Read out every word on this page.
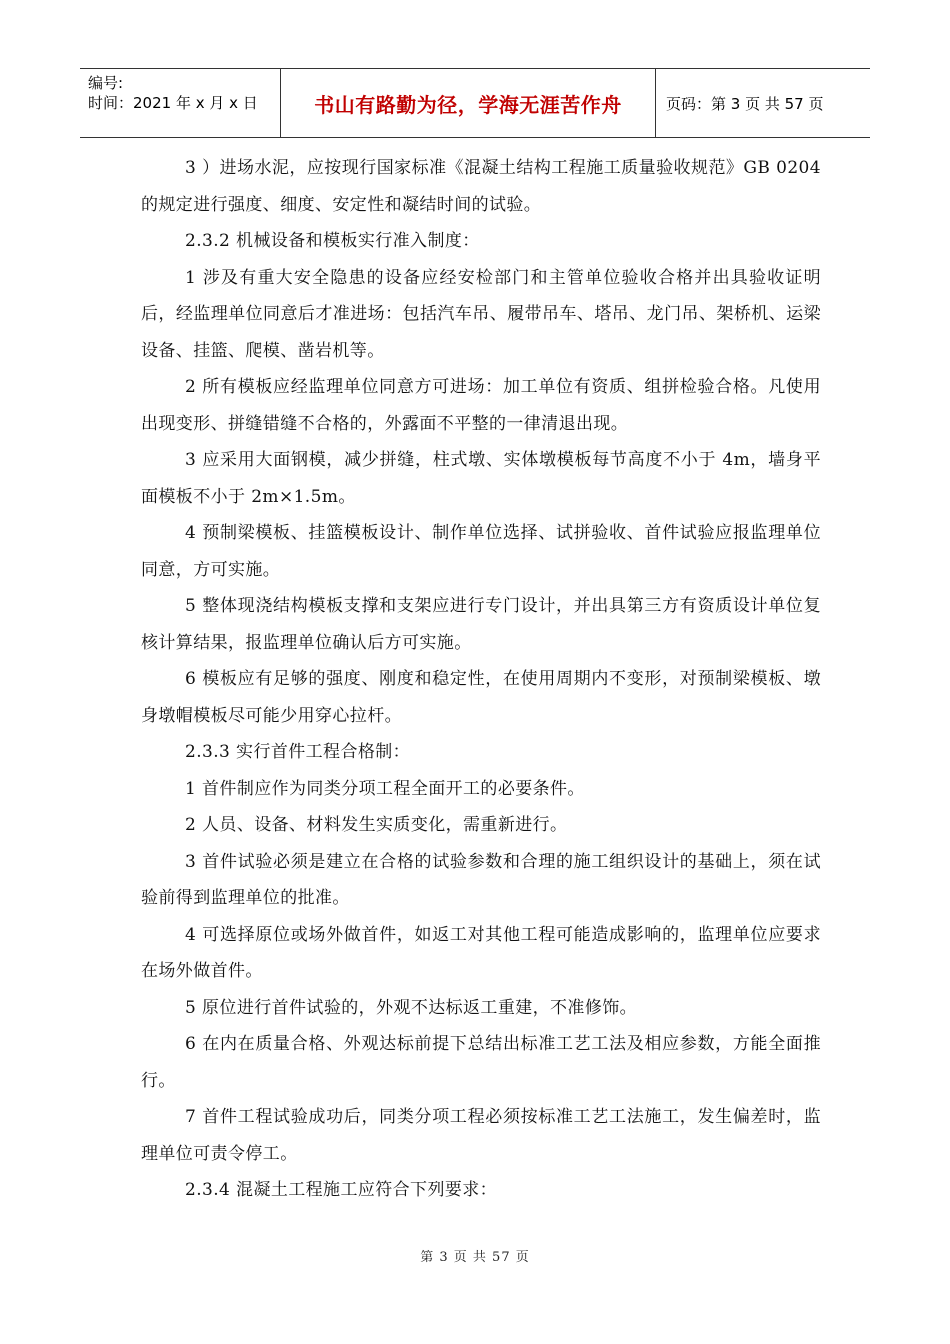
编号:
时间：2021 年 x 月 x 日	书山有路勤为径，学海无涯苦作舟	页码：第 3 页 共 57 页

3 ）进场水泥，应按现行国家标准《混凝土结构工程施工质量验收规范》GB 0204 的规定进行强度、细度、安定性和凝结时间的试验。

2.3.2 机械设备和模板实行准入制度：

1 涉及有重大安全隐患的设备应经安检部门和主管单位验收合格并出具验收证明后，经监理单位同意后才准进场：包括汽车吊、履带吊车、塔吊、龙门吊、架桥机、运梁设备、挂篮、爬模、凿岩机等。

2 所有模板应经监理单位同意方可进场：加工单位有资质、组拼检验合格。凡使用出现变形、拼缝错缝不合格的，外露面不平整的一律清退出现。

3 应采用大面钢模，减少拼缝，柱式墩、实体墩模板每节高度不小于 4m，墙身平面模板不小于 2m×1.5m。

4 预制梁模板、挂篮模板设计、制作单位选择、试拼验收、首件试验应报监理单位同意，方可实施。

5 整体现浇结构模板支撑和支架应进行专门设计，并出具第三方有资质设计单位复核计算结果，报监理单位确认后方可实施。

6 模板应有足够的强度、刚度和稳定性，在使用周期内不变形，对预制梁模板、墩身墩帽模板尽可能少用穿心拉杆。

2.3.3 实行首件工程合格制：

1 首件制应作为同类分项工程全面开工的必要条件。

2 人员、设备、材料发生实质变化，需重新进行。

3 首件试验必须是建立在合格的试验参数和合理的施工组织设计的基础上，须在试验前得到监理单位的批准。

4 可选择原位或场外做首件，如返工对其他工程可能造成影响的，监理单位应要求在场外做首件。

5 原位进行首件试验的，外观不达标返工重建，不准修饰。

6 在内在质量合格、外观达标前提下总结出标准工艺工法及相应参数，方能全面推行。

7 首件工程试验成功后，同类分项工程必须按标准工艺工法施工，发生偏差时，监理单位可责令停工。

2.3.4 混凝土工程施工应符合下列要求：

第 3 页 共 57 页
